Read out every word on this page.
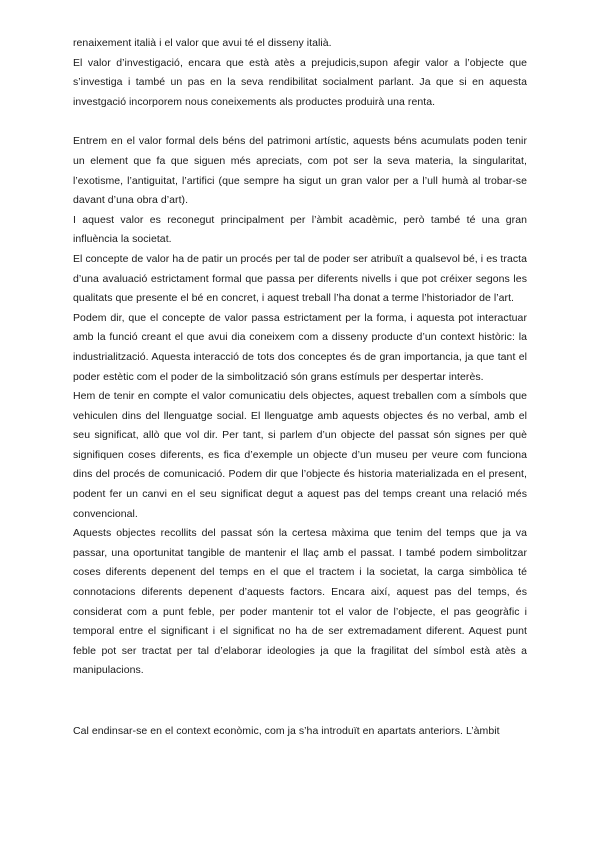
renaixement italià i el valor que avui té el disseny italià.

El valor d’investigació, encara que està atès a prejudicis,supon afegir valor a l’objecte que s’investiga i també un pas en la seva rendibilitat socialment parlant. Ja que si en aquesta investgació incorporem nous coneixements als productes produirà una renta.

Entrem en el valor formal dels béns del patrimoni artístic, aquests béns acumulats poden tenir un element que fa que siguen més apreciats, com pot ser la seva materia, la singularitat, l’exotisme, l’antiguitat, l’artifici (que sempre ha sigut un gran valor per a l’ull humà al trobar-se davant d’una obra d’art).

I aquest valor es reconegut principalment per l’àmbit acadèmic, però també té una gran influència la societat.

El concepte de valor ha de patir un procés per tal de poder ser atribuït a qualsevol bé, i es tracta d’una avaluació estrictament formal que passa per diferents nivells i que pot créixer segons les qualitats que presente el bé en concret, i aquest treball l’ha donat a terme l’historiador de l’art.

Podem dir, que el concepte de valor passa estrictament per la forma, i aquesta pot interactuar amb la funció creant el que avui dia coneixem com a disseny producte d’un context històric: la industrialització. Aquesta interacció de tots dos conceptes és de gran importancia, ja que tant el poder estètic com el poder de la simbolització són grans estímuls per despertar interès.

Hem de tenir en compte el valor comunicatiu dels objectes, aquest treballen com a símbols que vehiculen dins del llenguatge social. El llenguatge amb aquests objectes és no verbal, amb el seu significat, allò que vol dir. Per tant, si parlem d’un objecte del passat són signes per què signifiquen coses diferents, es fica d’exemple un objecte d’un museu per veure com funciona dins del procés de comunicació. Podem dir que l’objecte és historia materializada en el present, podent fer un canvi en el seu significat degut a aquest pas del temps creant una relació més convencional.

Aquests objectes recollits del passat són la certesa màxima que tenim del temps que ja va passar, una oportunitat tangible de mantenir el llaç amb el passat. I també podem simbolitzar coses diferents depenent del temps en el que el tractem i la societat, la carga simbòlica té connotacions diferents depenent d’aquests factors. Encara així, aquest pas del temps, és considerat com a punt feble, per poder mantenir tot el valor de l’objecte, el pas geogràfic i temporal entre el significant i el significat no ha de ser extremadament diferent. Aquest punt feble pot ser tractat per tal d’elaborar ideologies ja que la fragilitat del símbol està atès a manipulacions.

Cal endinsar-se en el context econòmic, com ja s’ha introduït en apartats anteriors. L’àmbit
